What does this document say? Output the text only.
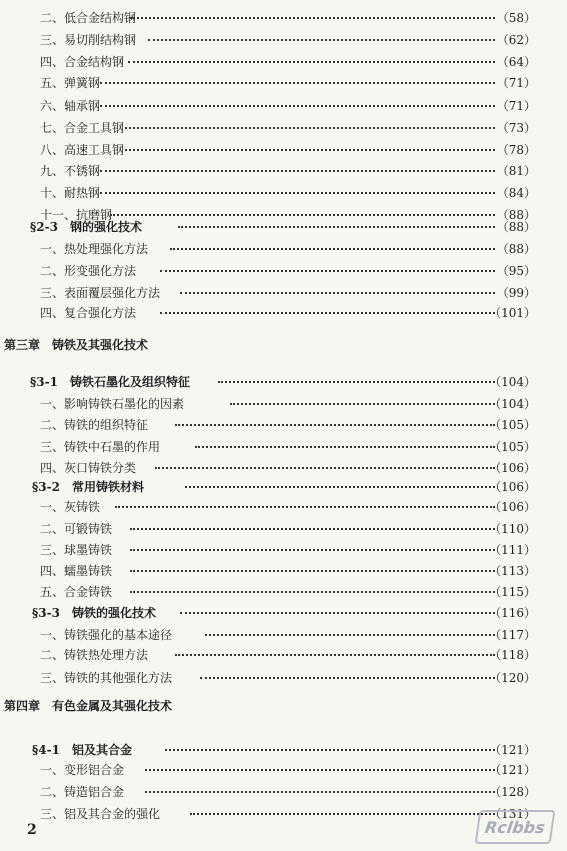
二、低合金结构钢	（58）
三、易切削结构钢	（62）
四、合金结构钢	（64）
五、弹簧钢	（71）
六、轴承钢	（71）
七、合金工具钢	（73）
八、高速工具钢	（78）
九、不锈钢	（81）
十、耐热钢	（84）
十一、抗磨钢	（88）
§2-3　钢的强化技术	（88）
一、热处理强化方法	（88）
二、形变强化方法	（95）
三、表面覆层强化方法	（99）
四、复合强化方法	（101）
§3-1　铸铁石墨化及组织特征	（104）
一、影响铸铁石墨化的因素	（104）
二、铸铁的组织特征	（105）
三、铸铁中石墨的作用	（105）
四、灰口铸铁分类	（106）
§3-2　常用铸铁材料	（106）
一、灰铸铁	（106）
二、可锻铸铁	（110）
三、球墨铸铁	（111）
四、蠕墨铸铁	（113）
五、合金铸铁	（115）
§3-3　铸铁的强化技术	（116）
一、铸铁强化的基本途径	（117）
二、铸铁热处理方法	（118）
三、铸铁的其他强化方法	（120）
§4-1　铝及其合金	（121）
一、变形铝合金	（121）
二、铸造铝合金	（128）
三、铝及其合金的强化	（131）
第三章　铸铁及其强化技术
第四章　有色金属及其强化技术
2	Rclbbs
